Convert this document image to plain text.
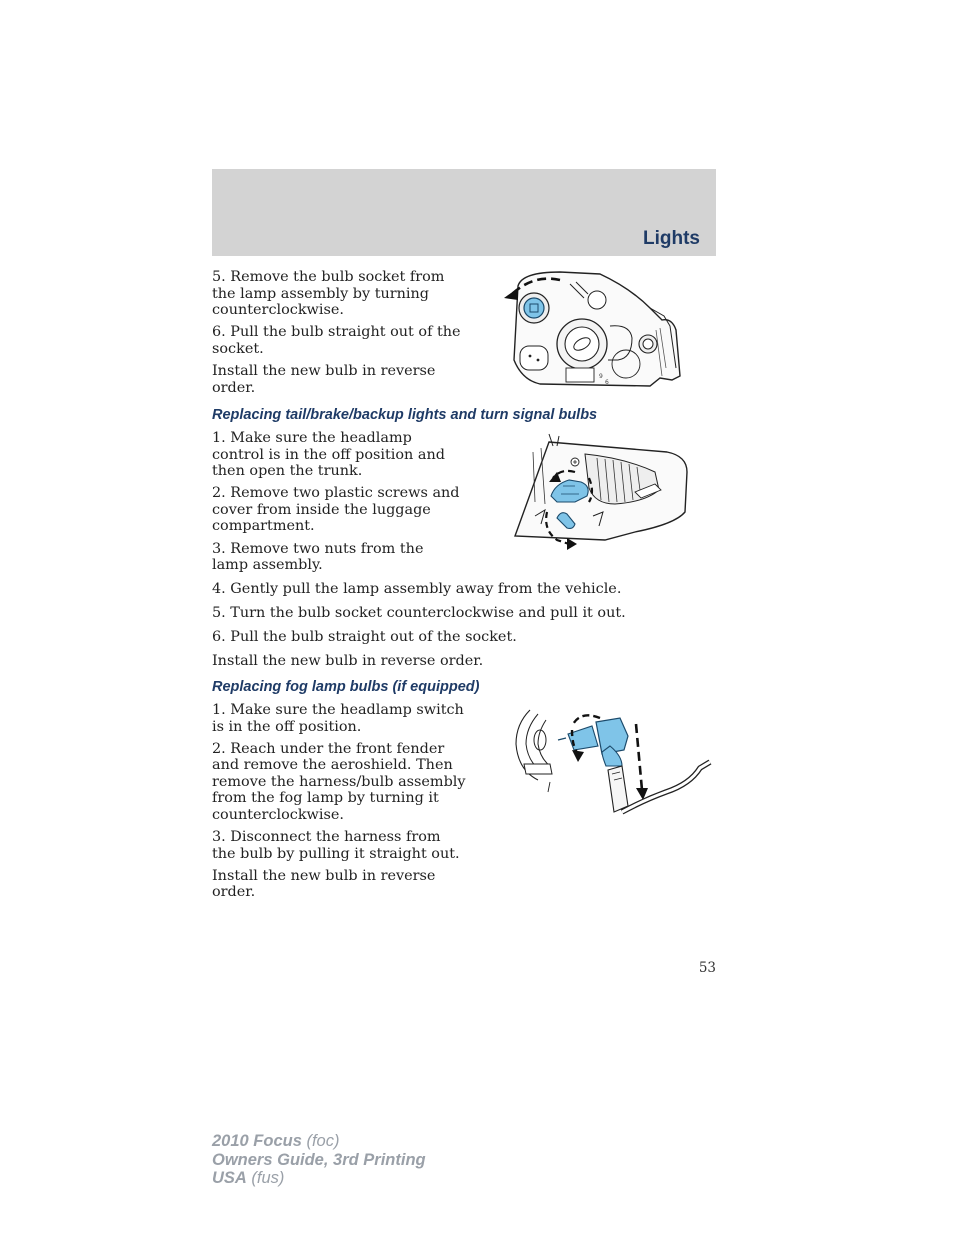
Lights

5. Remove the bulb socket from the lamp assembly by turning counterclockwise.

6. Pull the bulb straight out of the socket.

Install the new bulb in reverse order.

9
6
Replacing tail/brake/backup lights and turn signal bulbs

1. Make sure the headlamp control is in the off position and then open the trunk.

2. Remove two plastic screws and cover from inside the luggage compartment.

3. Remove two nuts from the lamp assembly.

4. Gently pull the lamp assembly away from the vehicle.

5. Turn the bulb socket counterclockwise and pull it out.

6. Pull the bulb straight out of the socket.

Install the new bulb in reverse order.

Replacing fog lamp bulbs (if equipped)

1. Make sure the headlamp switch is in the off position.

2. Reach under the front fender and remove the aeroshield. Then remove the harness/bulb assembly from the fog lamp by turning it counterclockwise.

3. Disconnect the harness from the bulb by pulling it straight out.

Install the new bulb in reverse order.

53
2010 Focus (foc)
Owners Guide, 3rd Printing
USA (fus)
